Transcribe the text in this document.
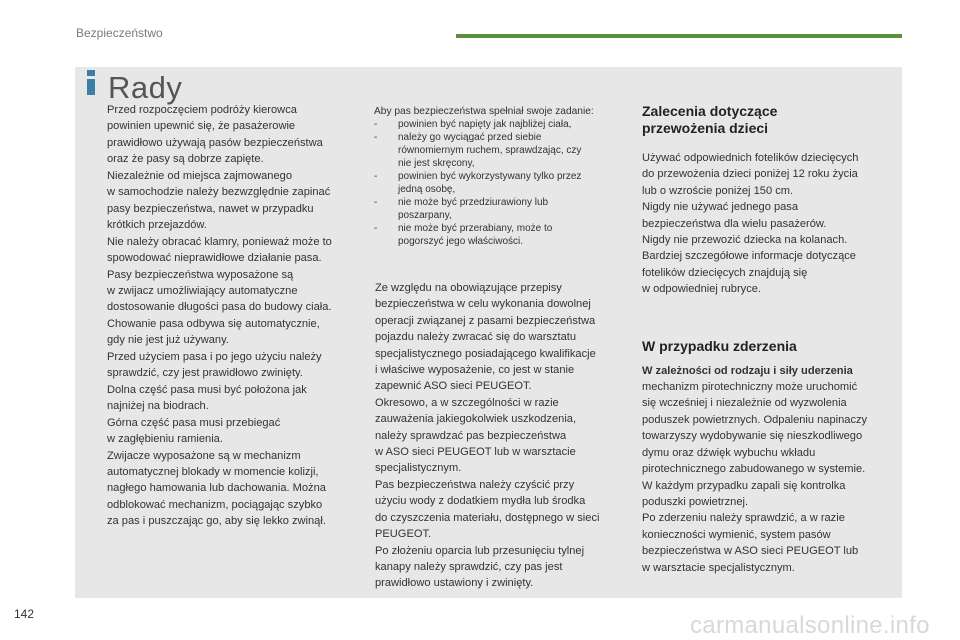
Bezpieczeństwo
Rady
Przed rozpoczęciem podróży kierowca
powinien upewnić się, że pasażerowie
prawidłowo używają pasów bezpieczeństwa
oraz że pasy są dobrze zapięte.
Niezależnie od miejsca zajmowanego
w samochodzie należy bezwzględnie zapinać
pasy bezpieczeństwa, nawet w przypadku
krótkich przejazdów.
Nie należy obracać klamry, ponieważ może to
spowodować nieprawidłowe działanie pasa.
Pasy bezpieczeństwa wyposażone są
w zwijacz umożliwiający automatyczne
dostosowanie długości pasa do budowy ciała.
Chowanie pasa odbywa się automatycznie,
gdy nie jest już używany.
Przed użyciem pasa i po jego użyciu należy
sprawdzić, czy jest prawidłowo zwinięty.
Dolna część pasa musi być położona jak
najniżej na biodrach.
Górna część pasa musi przebiegać
w zagłębieniu ramienia.
Zwijacze wyposażone są w mechanizm
automatycznej blokady w momencie kolizji,
nagłego hamowania lub dachowania. Można
odblokować mechanizm, pociągając szybko
za pas i puszczając go, aby się lekko zwinął.
Aby pas bezpieczeństwa spełniał swoje zadanie:
- powinien być napięty jak najbliżej ciała,
- należy go wyciągać przed siebie
równomiernym ruchem, sprawdzając, czy
nie jest skręcony,
- powinien być wykorzystywany tylko przez
jedną osobę,
- nie może być przedziurawiony lub
poszarpany,
- nie może być przerabiany, może to
pogorszyć jego właściwości.
Ze względu na obowiązujące przepisy
bezpieczeństwa w celu wykonania dowolnej
operacji związanej z pasami bezpieczeństwa
pojazdu należy zwracać się do warsztatu
specjalistycznego posiadającego kwalifikacje
i właściwe wyposażenie, co jest w stanie
zapewnić ASO sieci PEUGEOT.
Okresowo, a w szczególności w razie
zauważenia jakiegokolwiek uszkodzenia,
należy sprawdzać pas bezpieczeństwa
w ASO sieci PEUGEOT lub w warsztacie
specjalistycznym.
Pas bezpieczeństwa należy czyścić przy
użyciu wody z dodatkiem mydła lub środka
do czyszczenia materiału, dostępnego w sieci
PEUGEOT.
Po złożeniu oparcia lub przesunięciu tylnej
kanapy należy sprawdzić, czy pas jest
prawidłowo ustawiony i zwinięty.
Zalecenia dotyczące
przewożenia dzieci

Używać odpowiednich fotelików dziecięcych
do przewożenia dzieci poniżej 12 roku życia
lub o wzroście poniżej 150 cm.
Nigdy nie używać jednego pasa
bezpieczeństwa dla wielu pasażerów.
Nigdy nie przewozić dziecka na kolanach.
Bardziej szczegółowe informacje dotyczące
fotelików dziecięcych znajdują się
w odpowiedniej rubryce.

W przypadku zderzenia

W zależności od rodzaju i siły uderzenia
mechanizm pirotechniczny może uruchomić
się wcześniej i niezależnie od wyzwolenia
poduszek powietrznych. Odpaleniu napinaczy
towarzyszy wydobywanie się nieszkodliwego
dymu oraz dźwięk wybuchu wkładu
pirotechnicznego zabudowanego w systemie.
W każdym przypadku zapali się kontrolka
poduszki powietrznej.
Po zderzeniu należy sprawdzić, a w razie
konieczności wymienić, system pasów
bezpieczeństwa w ASO sieci PEUGEOT lub
w warsztacie specjalistycznym.

142	carmanualsonline.info
